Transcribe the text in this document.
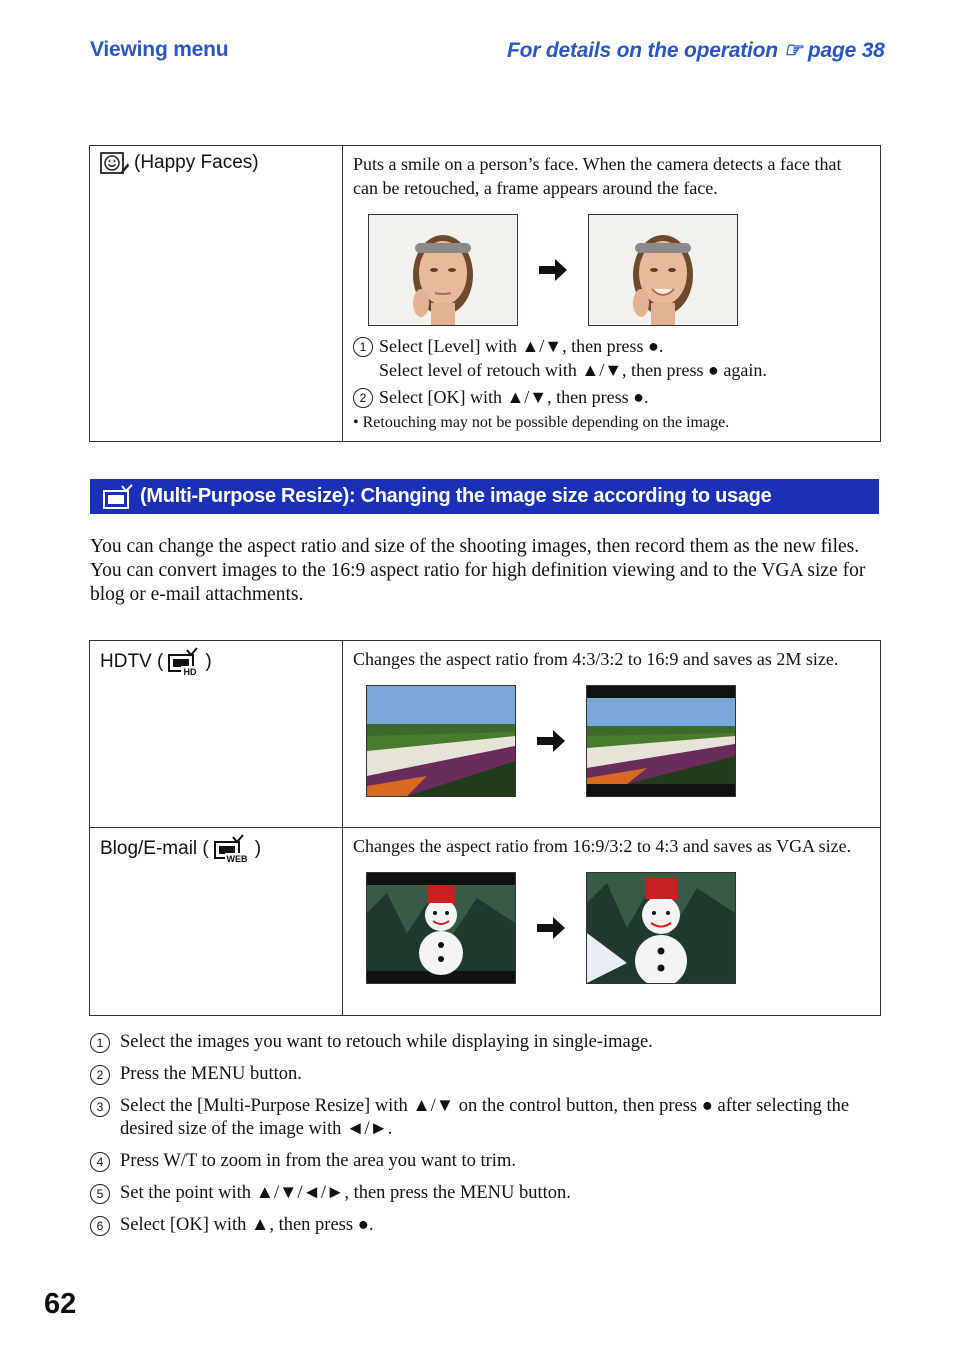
Viewing menu	For details on the operation ☞ page 38
(Happy Faces)	Puts a smile on a person’s face. When the camera detects a face that can be retouched, a frame appears around the face.
1 Select [Level] with ▲/▼, then press ●.
Select level of retouch with ▲/▼, then press ● again.
2 Select [OK] with ▲/▼, then press ●.
• Retouching may not be possible depending on the image.
(Multi-Purpose Resize): Changing the image size according to usage

You can change the aspect ratio and size of the shooting images, then record them as the new files.

You can convert images to the 16:9 aspect ratio for high definition viewing and to the VGA size for blog or e-mail attachments.

HDTV ( HD )	Changes the aspect ratio from 4:3/3:2 to 16:9 and saves as 2M size.

Blog/E-mail ( WEB )	Changes the aspect ratio from 16:9/3:2 to 4:3 and saves as VGA size.
1 Select the images you want to retouch while displaying in single-image.
2 Press the MENU button.
3 Select the [Multi-Purpose Resize] with ▲/▼ on the control button, then press ● after selecting the desired size of the image with ◄/►.
4 Press W/T to zoom in from the area you want to trim.
5 Set the point with ▲/▼/◄/►, then press the MENU button.
6 Select [OK] with ▲, then press ●.
62
